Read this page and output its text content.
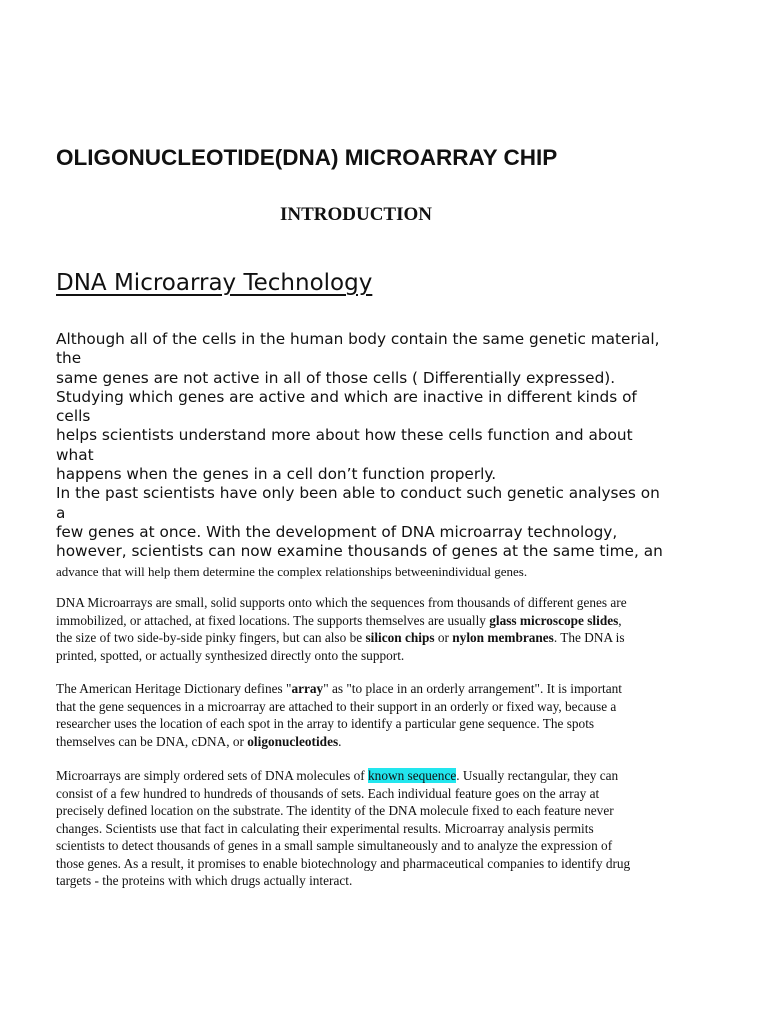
OLIGONUCLEOTIDE(DNA) MICROARRAY CHIP
INTRODUCTION
DNA Microarray Technology
Although all of the cells in the human body contain the same genetic material,
the
same genes are not active in all of those cells ( Differentially expressed).
Studying which genes are active and which are inactive in different kinds of
cells
helps scientists understand more about how these cells function and about
what
happens when the genes in a cell don’t function properly.
In the past scientists have only been able to conduct such genetic analyses on
a
few genes at once. With the development of DNA microarray technology,
however, scientists can now examine thousands of genes at the same time, an
advance that will help them determine the complex relationships betweenindividual genes.
DNA Microarrays are small, solid supports onto which the sequences from thousands of different genes are
immobilized, or attached, at fixed locations. The supports themselves are usually glass microscope slides,
the size of two side-by-side pinky fingers, but can also be silicon chips or nylon membranes. The DNA is
printed, spotted, or actually synthesized directly onto the support.
The American Heritage Dictionary defines "array" as "to place in an orderly arrangement". It is important
that the gene sequences in a microarray are attached to their support in an orderly or fixed way, because a
researcher uses the location of each spot in the array to identify a particular gene sequence. The spots
themselves can be DNA, cDNA, or oligonucleotides.
Microarrays are simply ordered sets of DNA molecules of known sequence. Usually rectangular, they can
consist of a few hundred to hundreds of thousands of sets. Each individual feature goes on the array at
precisely defined location on the substrate. The identity of the DNA molecule fixed to each feature never
changes. Scientists use that fact in calculating their experimental results. Microarray analysis permits
scientists to detect thousands of genes in a small sample simultaneously and to analyze the expression of
those genes. As a result, it promises to enable biotechnology and pharmaceutical companies to identify drug
targets - the proteins with which drugs actually interact.
